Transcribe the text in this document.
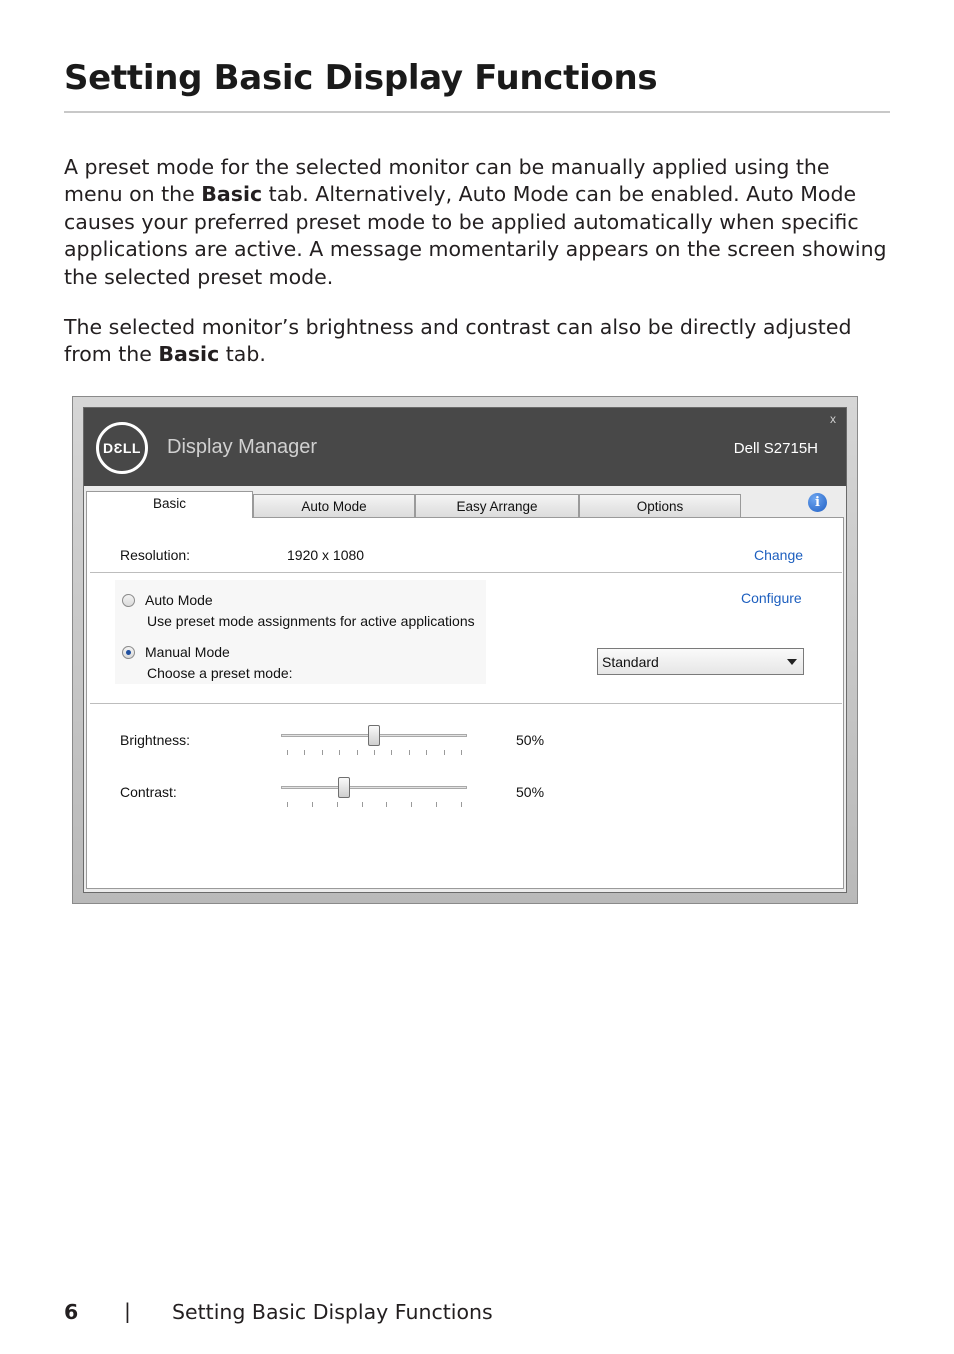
Setting Basic Display Functions

A preset mode for the selected monitor can be manually applied using the menu on the Basic tab. Alternatively, Auto Mode can be enabled. Auto Mode causes your preferred preset mode to be applied automatically when specific applications are active. A message momentarily appears on the screen showing the selected preset mode.

The selected monitor’s brightness and contrast can also be directly adjusted from the Basic tab.

DƐLL Display Manager	Dell S2715H
x
Basic	Auto Mode	Easy Arrange	Options	i
Resolution:	1920 x 1080	Change
Auto Mode
Use preset mode assignments for active applications
Manual Mode
Choose a preset mode:
Configure
Standard
Brightness:	50%
Contrast:	50%
6 | Setting Basic Display Functions
